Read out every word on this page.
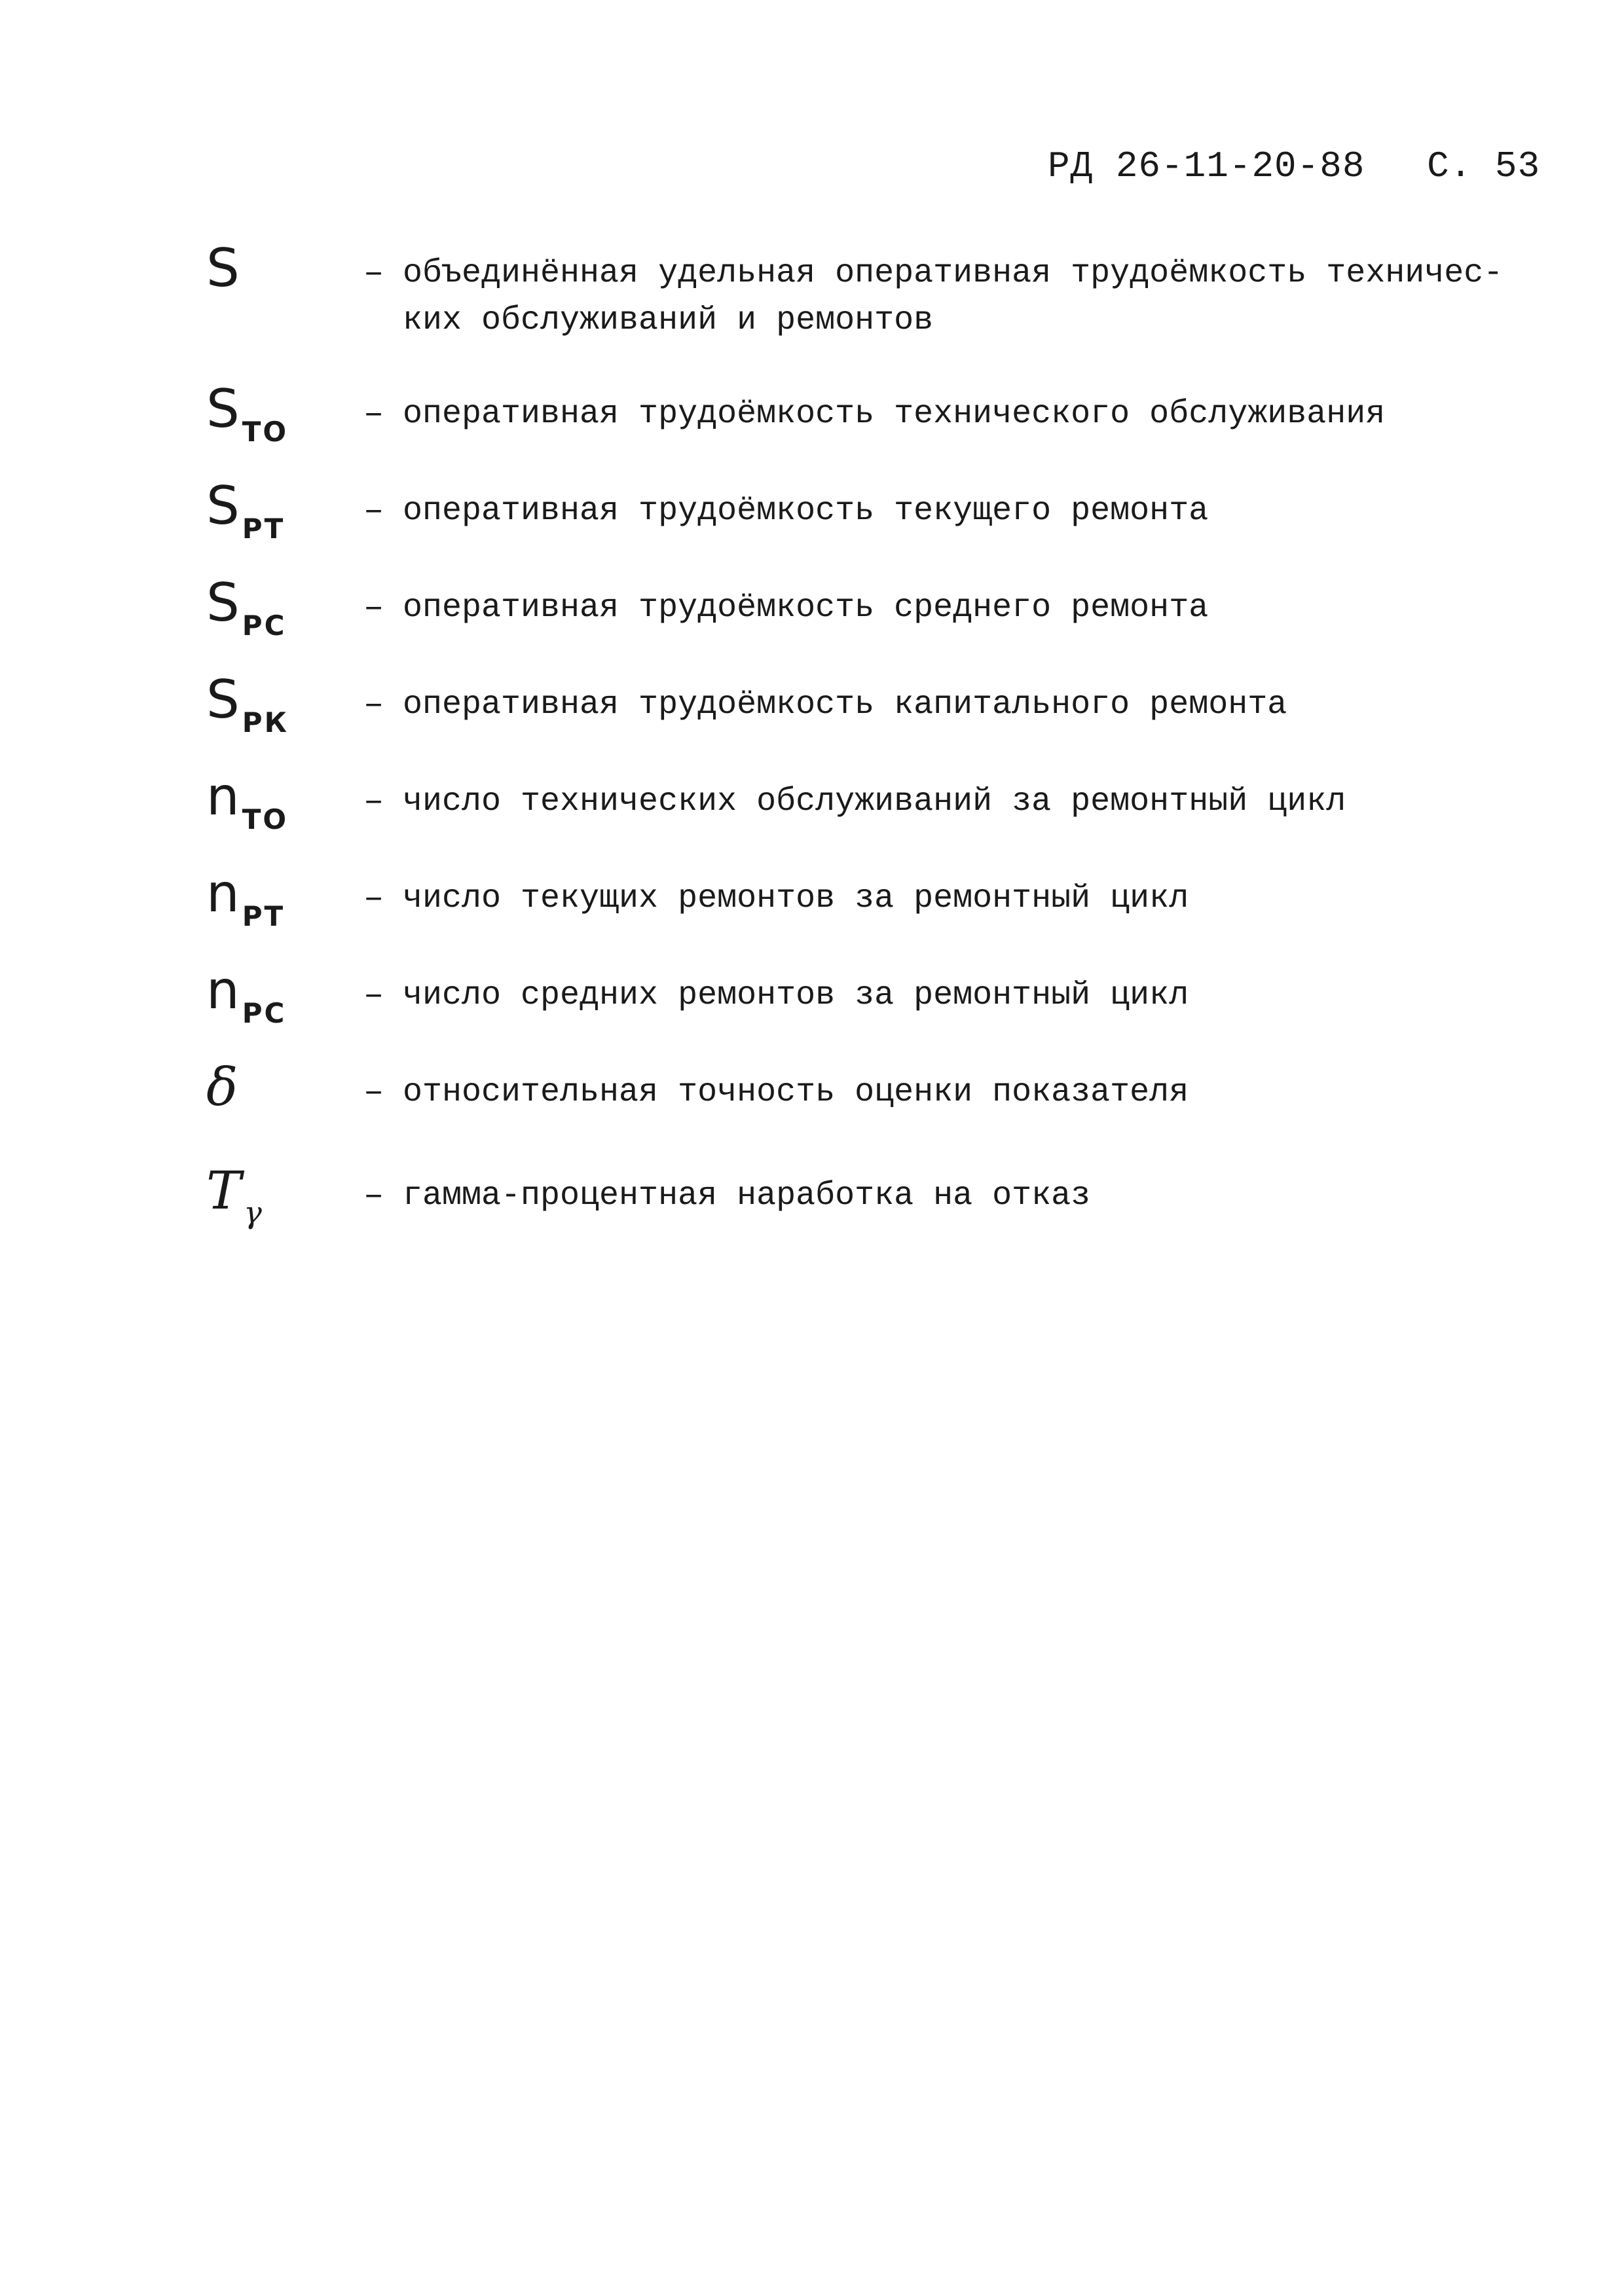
РД 26-11-20-88 С. 53
S	– объединённая удельная оперативная трудоёмкость техничес-
ких обслуживаний и ремонтов
$S_{ТО}$	– оперативная трудоёмкость технического обслуживания
$S_{РТ}$	– оперативная трудоёмкость текущего ремонта
$S_{РС}$	– оперативная трудоёмкость среднего ремонта
$S_{РК}$	– оперативная трудоёмкость капитального ремонта
$n_{ТО}$	– число технических обслуживаний за ремонтный цикл
$n_{РТ}$	– число текущих ремонтов за ремонтный цикл
$n_{РС}$	– число средних ремонтов за ремонтный цикл
δ	– относительная точность оценки показателя
$T_\gamma$	– гамма-процентная наработка на отказ
